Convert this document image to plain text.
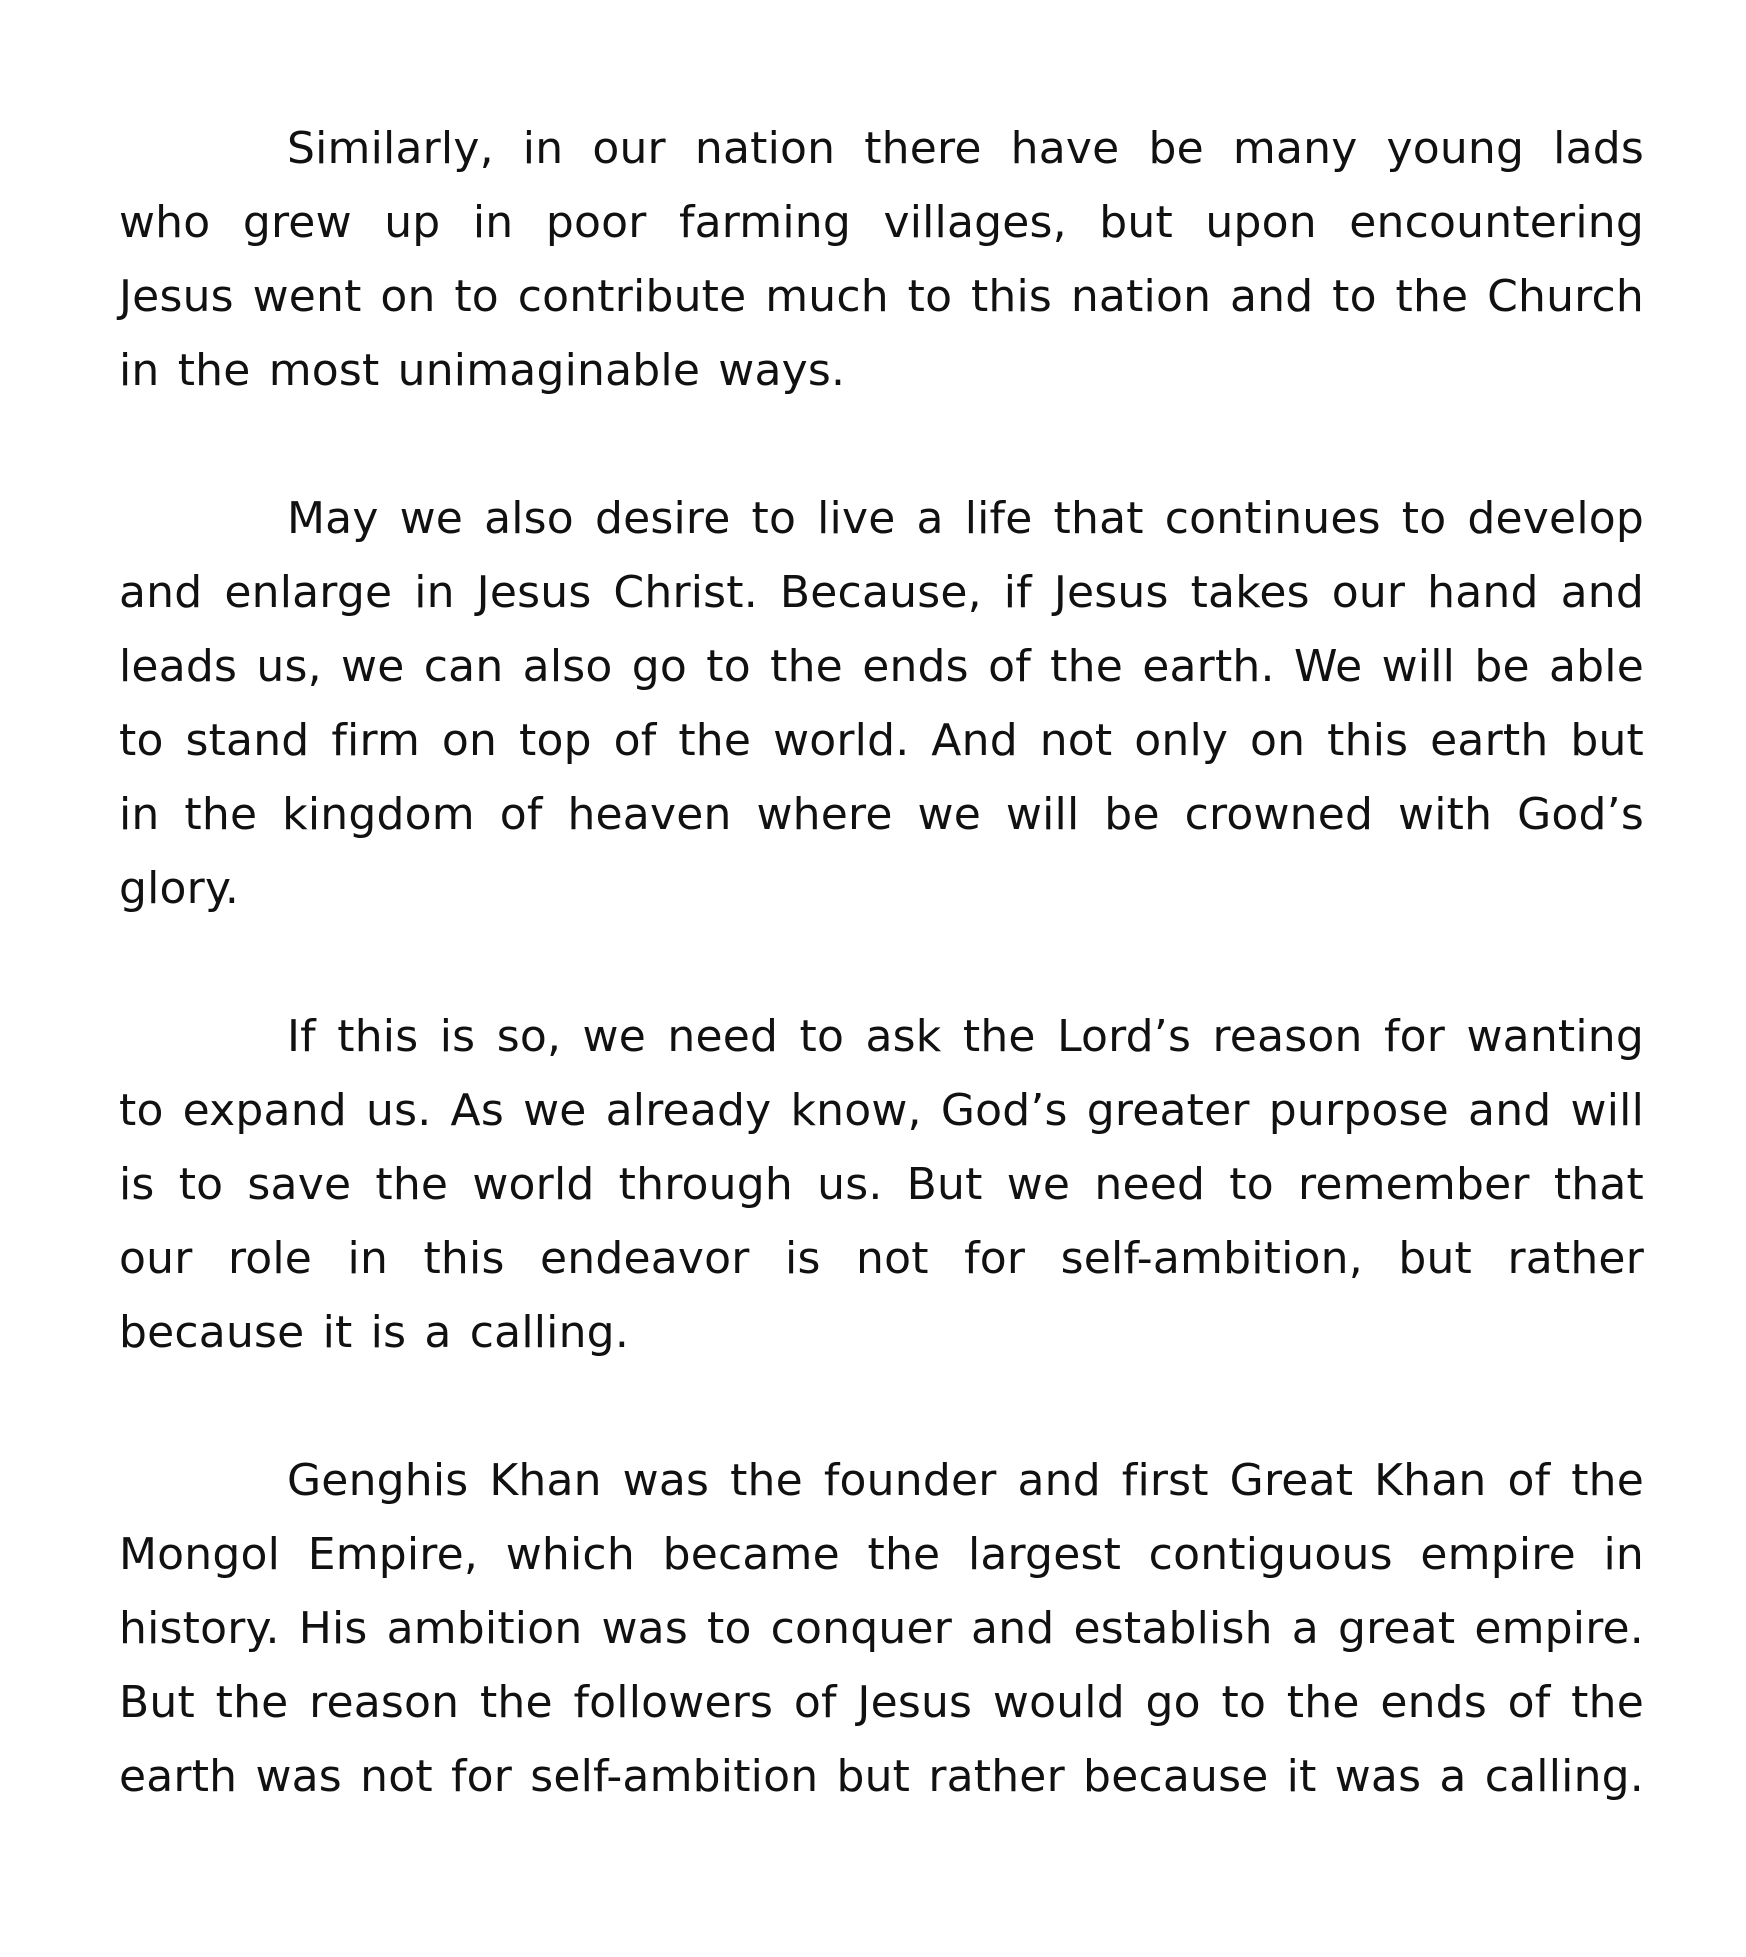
Similarly, in our nation there have be many young lads who grew up in poor farming villages, but upon encountering Jesus went on to contribute much to this nation and to the Church in the most unimaginable ways.

May we also desire to live a life that continues to develop and enlarge in Jesus Christ. Because, if Jesus takes our hand and leads us, we can also go to the ends of the earth. We will be able to stand firm on top of the world. And not only on this earth but in the kingdom of heaven where we will be crowned with God’s glory.

If this is so, we need to ask the Lord’s reason for wanting to expand us. As we already know, God’s greater purpose and will is to save the world through us. But we need to remember that our role in this endeavor is not for self-ambition, but rather because it is a calling.

Genghis Khan was the founder and first Great Khan of the Mongol Empire, which became the largest contiguous empire in history. His ambition was to conquer and establish a great empire. But the reason the followers of Jesus would go to the ends of the earth was not for self-ambition but rather because it was a calling.
